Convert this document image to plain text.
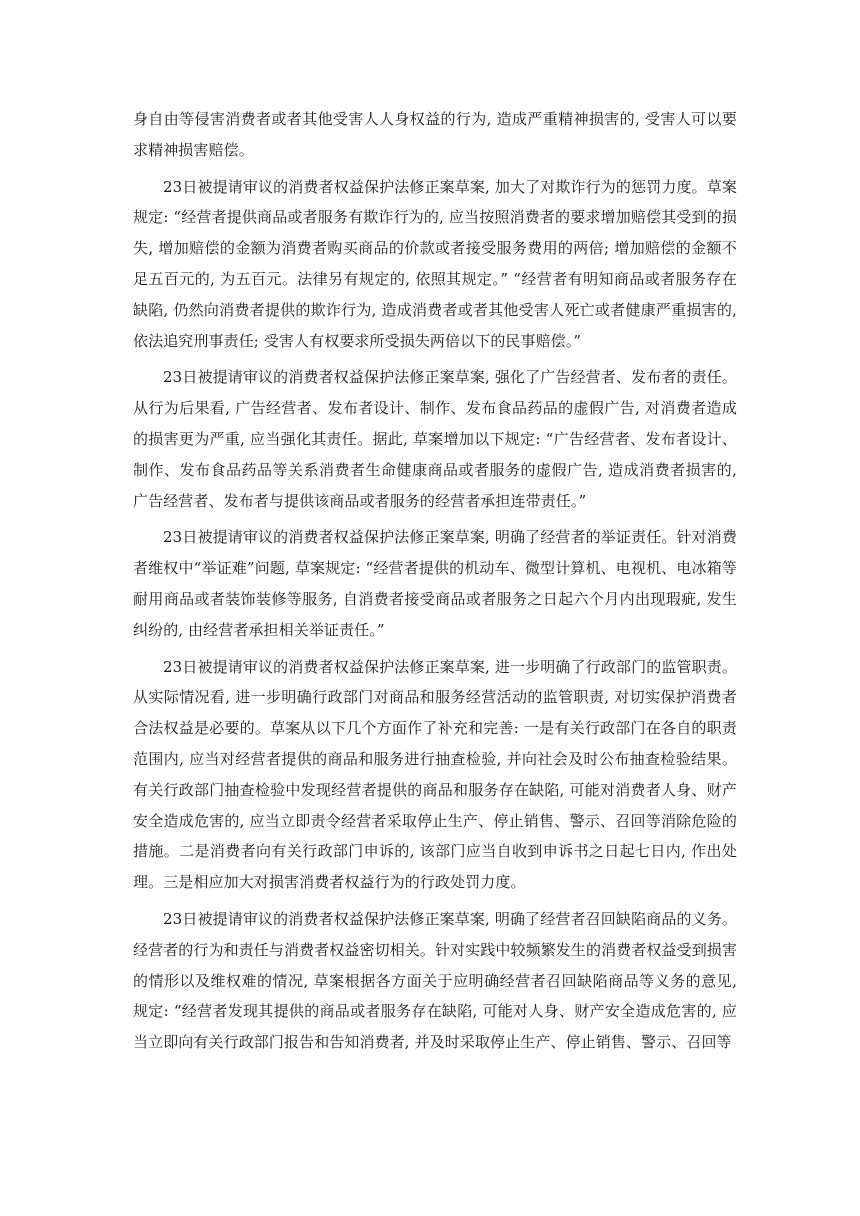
身自由等侵害消费者或者其他受害人人身权益的行为, 造成严重精神损害的, 受害人可以要求精神损害赔偿。

23日被提请审议的消费者权益保护法修正案草案, 加大了对欺诈行为的惩罚力度。草案规定: “经营者提供商品或者服务有欺诈行为的, 应当按照消费者的要求增加赔偿其受到的损失, 增加赔偿的金额为消费者购买商品的价款或者接受服务费用的两倍; 增加赔偿的金额不足五百元的, 为五百元。法律另有规定的, 依照其规定。” “经营者有明知商品或者服务存在缺陷, 仍然向消费者提供的欺诈行为, 造成消费者或者其他受害人死亡或者健康严重损害的, 依法追究刑事责任; 受害人有权要求所受损失两倍以下的民事赔偿。”

23日被提请审议的消费者权益保护法修正案草案, 强化了广告经营者、发布者的责任。从行为后果看, 广告经营者、发布者设计、制作、发布食品药品的虚假广告, 对消费者造成的损害更为严重, 应当强化其责任。据此, 草案增加以下规定: “广告经营者、发布者设计、制作、发布食品药品等关系消费者生命健康商品或者服务的虚假广告, 造成消费者损害的, 广告经营者、发布者与提供该商品或者服务的经营者承担连带责任。”

23日被提请审议的消费者权益保护法修正案草案, 明确了经营者的举证责任。针对消费者维权中“举证难”问题, 草案规定: “经营者提供的机动车、微型计算机、电视机、电冰箱等耐用商品或者装饰装修等服务, 自消费者接受商品或者服务之日起六个月内出现瑕疵, 发生纠纷的, 由经营者承担相关举证责任。”

23日被提请审议的消费者权益保护法修正案草案, 进一步明确了行政部门的监管职责。从实际情况看, 进一步明确行政部门对商品和服务经营活动的监管职责, 对切实保护消费者合法权益是必要的。草案从以下几个方面作了补充和完善: 一是有关行政部门在各自的职责范围内, 应当对经营者提供的商品和服务进行抽查检验, 并向社会及时公布抽查检验结果。有关行政部门抽查检验中发现经营者提供的商品和服务存在缺陷, 可能对消费者人身、财产安全造成危害的, 应当立即责令经营者采取停止生产、停止销售、警示、召回等消除危险的措施。二是消费者向有关行政部门申诉的, 该部门应当自收到申诉书之日起七日内, 作出处理。三是相应加大对损害消费者权益行为的行政处罚力度。

23日被提请审议的消费者权益保护法修正案草案, 明确了经营者召回缺陷商品的义务。经营者的行为和责任与消费者权益密切相关。针对实践中较频繁发生的消费者权益受到损害的情形以及维权难的情况, 草案根据各方面关于应明确经营者召回缺陷商品等义务的意见, 规定: “经营者发现其提供的商品或者服务存在缺陷, 可能对人身、财产安全造成危害的, 应当立即向有关行政部门报告和告知消费者, 并及时采取停止生产、停止销售、警示、召回等
